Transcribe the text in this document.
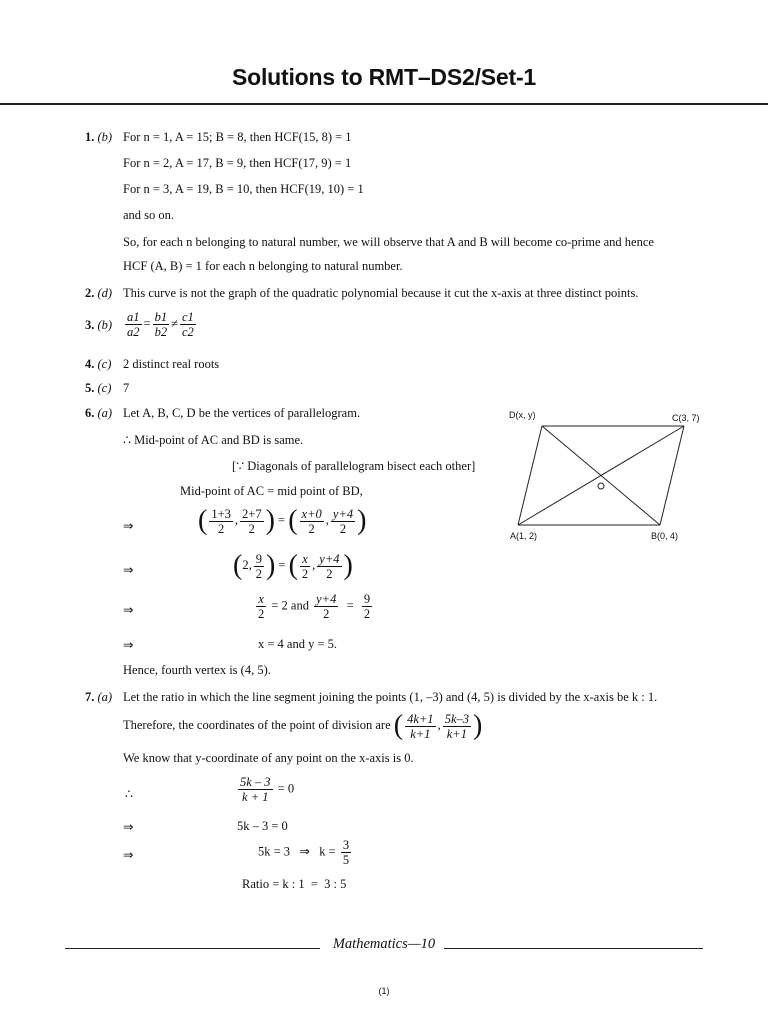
Solutions to RMT–DS2/Set-1
1. (b) For n = 1, A = 15; B = 8, then HCF(15, 8) = 1
For n = 2, A = 17, B = 9, then HCF(17, 9) = 1
For n = 3, A = 19, B = 10, then HCF(19, 10) = 1
and so on.
So, for each n belonging to natural number, we will observe that A and B will become co-prime and hence
HCF (A, B) = 1 for each n belonging to natural number.
2. (d) This curve is not the graph of the quadratic polynomial because it cut the x-axis at three distinct points.
3. $(b) \frac{a1}{a2} = \frac{b1}{b2} \ne \frac{c1}{c2}$
4. (c) 2 distinct real roots
5. (c) 7
6. (a) Let A, B, C, D be the vertices of parallelogram.
∴ Mid-point of AC and BD is same.
[∵ Diagonals of parallelogram bisect each other]
Mid-point of AC = mid point of BD,
⇒ ( $\frac{1+3}{2}$ , $\frac{2+7}{2}$ ) = ( $\frac{x+0}{2}$ , $\frac{y+4}{2}$ )
⇒	(2, $\frac{9}{2}$ ) = ( $\frac{x}{2}$ , $\frac{y+4}{2}$ )
⇒	$\frac{x}{2} = 2$ and $\frac{y+4}{2} = \frac{9}{2}$
⇒	x = 4 and y = 5.
Hence, fourth vertex is (4, 5).
D(x, y)	C(3, 7)
A(1, 2)	B(0, 4)
7. (a) Let the ratio in which the line segment joining the points (1, –3) and (4, 5) is divided by the x-axis be k : 1.
Therefore, the coordinates of the point of division are ( $\frac{4k+1}{k+1}$ , $\frac{5k-3}{k+1}$ )
We know that y-coordinate of any point on the x-axis is 0.
∴	$\frac{5k - 3}{k + 1} = 0$
⇒	5k – 3 = 0
⇒	5k = 3   ⇒   $k = \frac{3}{5}$
Ratio = k : 1  =  3 : 5
Mathematics—10
(1)
